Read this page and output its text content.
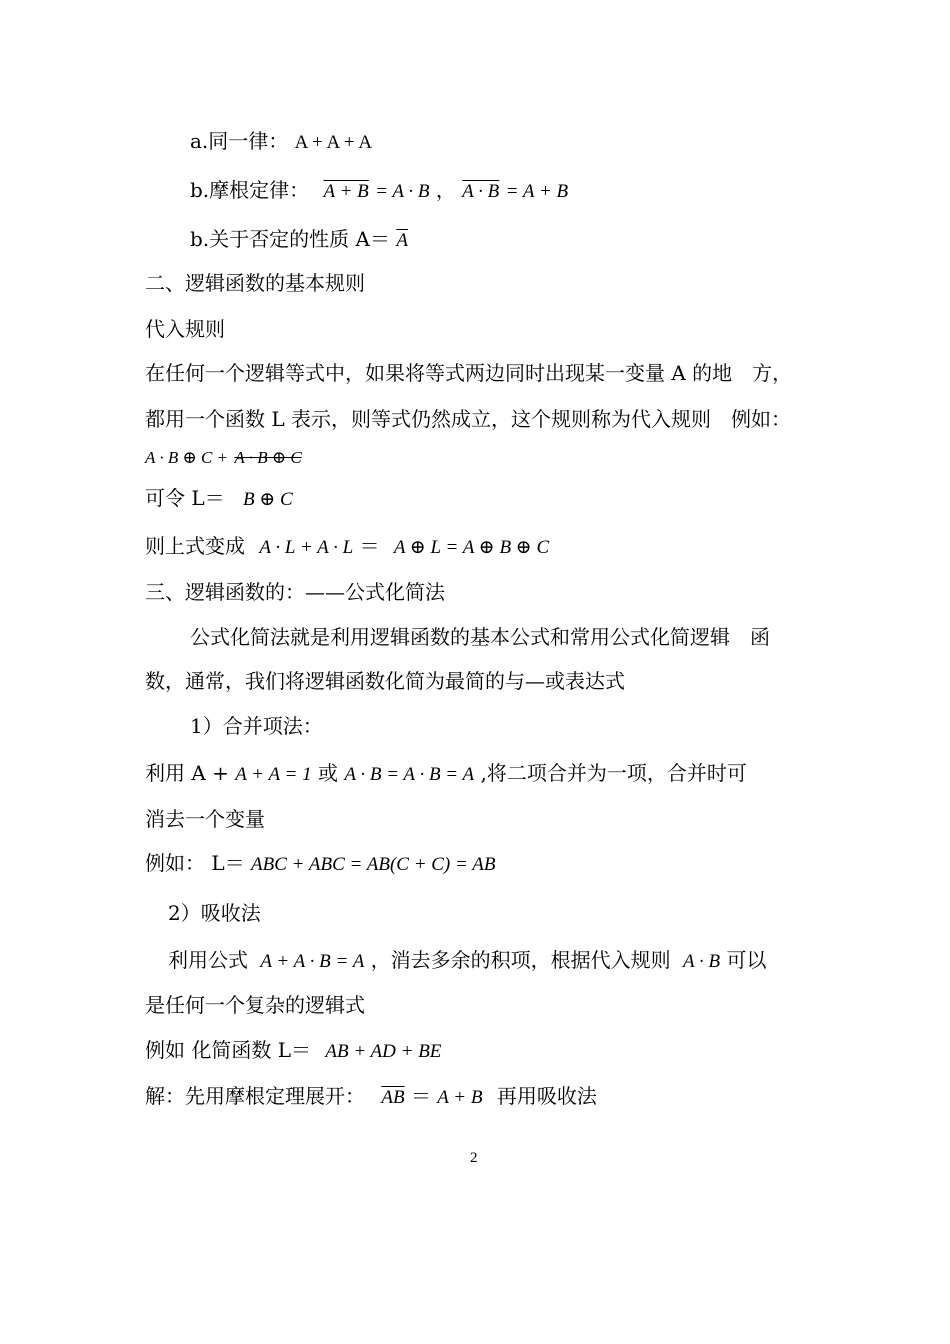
a.同一律： A + A + A
b.摩根定律： A + B = A · B ， A · B = A + B
b.关于否定的性质 $A= \overline{A}$
二、逻辑函数的基本规则
代入规则
在任何一个逻辑等式中，如果将等式两边同时出现某一变量 A 的地　方，
都用一个函数 L 表示，则等式仍然成立，这个规则称为代入规则　例如：
A · B ⊕ C + A · B ⊕ C
可令 L＝ B ⊕ C
则上式变成 A · L + A · L ＝ A ⊕ L = A ⊕ B ⊕ C
三、逻辑函数的：——公式化简法
公式化简法就是利用逻辑函数的基本公式和常用公式化简逻辑　函
数，通常，我们将逻辑函数化简为最简的与—或表达式
1）合并项法：
利用 A + A + A = 1 或 A · B = A · B = A ,将二项合并为一项，合并时可
消去一个变量
例如： L＝ ABC + ABC = AB(C + C) = AB
2）吸收法
利用公式 A + A · B = A ，消去多余的积项，根据代入规则 A · B 可以
是任何一个复杂的逻辑式
例如 化简函数 L＝ AB + AD + BE
解：先用摩根定理展开： $\overline{AB} = A + B$ 再用吸收法
2
